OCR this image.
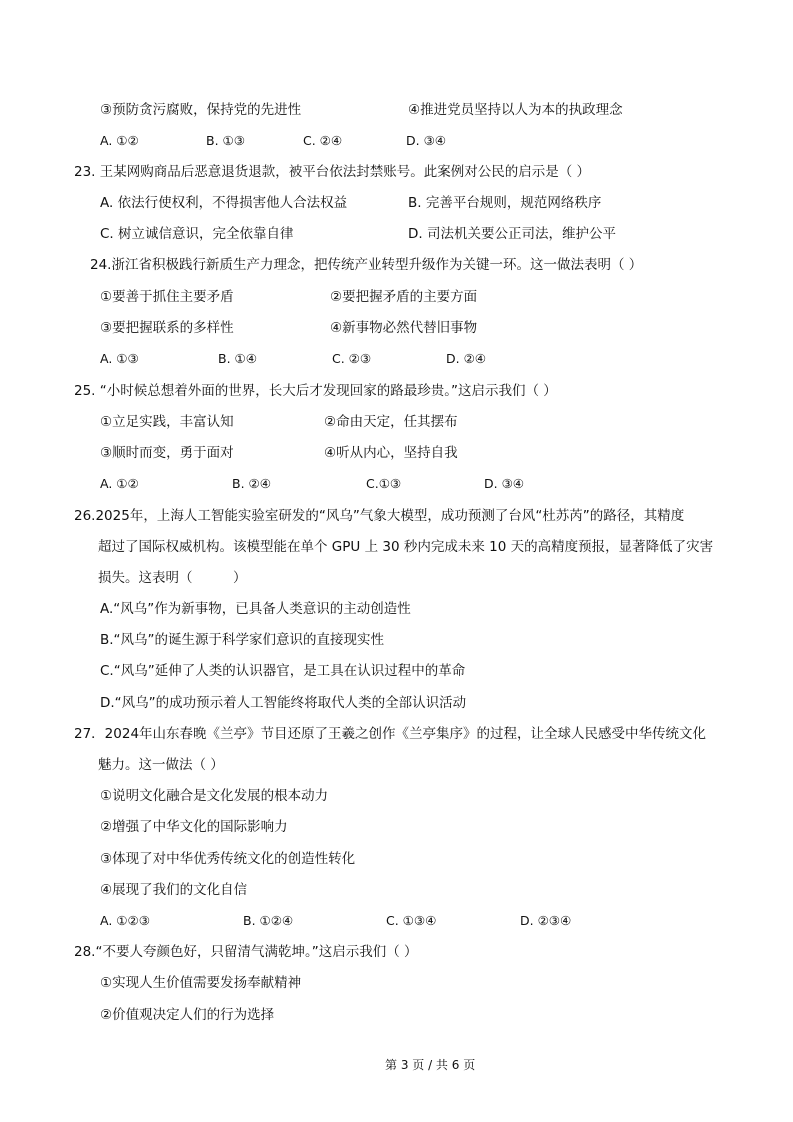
③预防贪污腐败，保持党的先进性	④推进党员坚持以人为本的执政理念
A. ①②	B. ①③	C. ②④	D. ③④
23. 王某网购商品后恶意退货退款，被平台依法封禁账号。此案例对公民的启示是（ ）
A. 依法行使权利，不得损害他人合法权益	B. 完善平台规则，规范网络秩序
C. 树立诚信意识，完全依靠自律	D. 司法机关要公正司法，维护公平
24.浙江省积极践行新质生产力理念，把传统产业转型升级作为关键一环。这一做法表明（ ）
①要善于抓住主要矛盾	②要把握矛盾的主要方面
③要把握联系的多样性	④新事物必然代替旧事物
A. ①③	B. ①④	C. ②③	D. ②④
25. “小时候总想着外面的世界，长大后才发现回家的路最珍贵。”这启示我们（ ）
①立足实践，丰富认知	②命由天定，任其摆布
③顺时而变，勇于面对	④听从内心，坚持自我
A. ①②	B. ②④	C.①③	D. ③④
26.2025年，上海人工智能实验室研发的“风乌”气象大模型，成功预测了台风“杜苏芮”的路径，其精度
超过了国际权威机构。该模型能在单个 GPU 上 30 秒内完成未来 10 天的高精度预报，显著降低了灾害
损失。这表明（　　　）
A.“风乌”作为新事物，已具备人类意识的主动创造性
B.“风乌”的诞生源于科学家们意识的直接现实性
C.“风乌”延伸了人类的认识器官，是工具在认识过程中的革命
D.“风乌”的成功预示着人工智能终将取代人类的全部认识活动
27．2024年山东春晚《兰亭》节目还原了王羲之创作《兰亭集序》的过程，让全球人民感受中华传统文化
魅力。这一做法（ ）
①说明文化融合是文化发展的根本动力
②增强了中华文化的国际影响力
③体现了对中华优秀传统文化的创造性转化
④展现了我们的文化自信
A. ①②③	B. ①②④	C. ①③④	D. ②③④
28.“不要人夸颜色好，只留清气满乾坤。”这启示我们（ ）
①实现人生价值需要发扬奉献精神
②价值观决定人们的行为选择
第 3 页 / 共 6 页
